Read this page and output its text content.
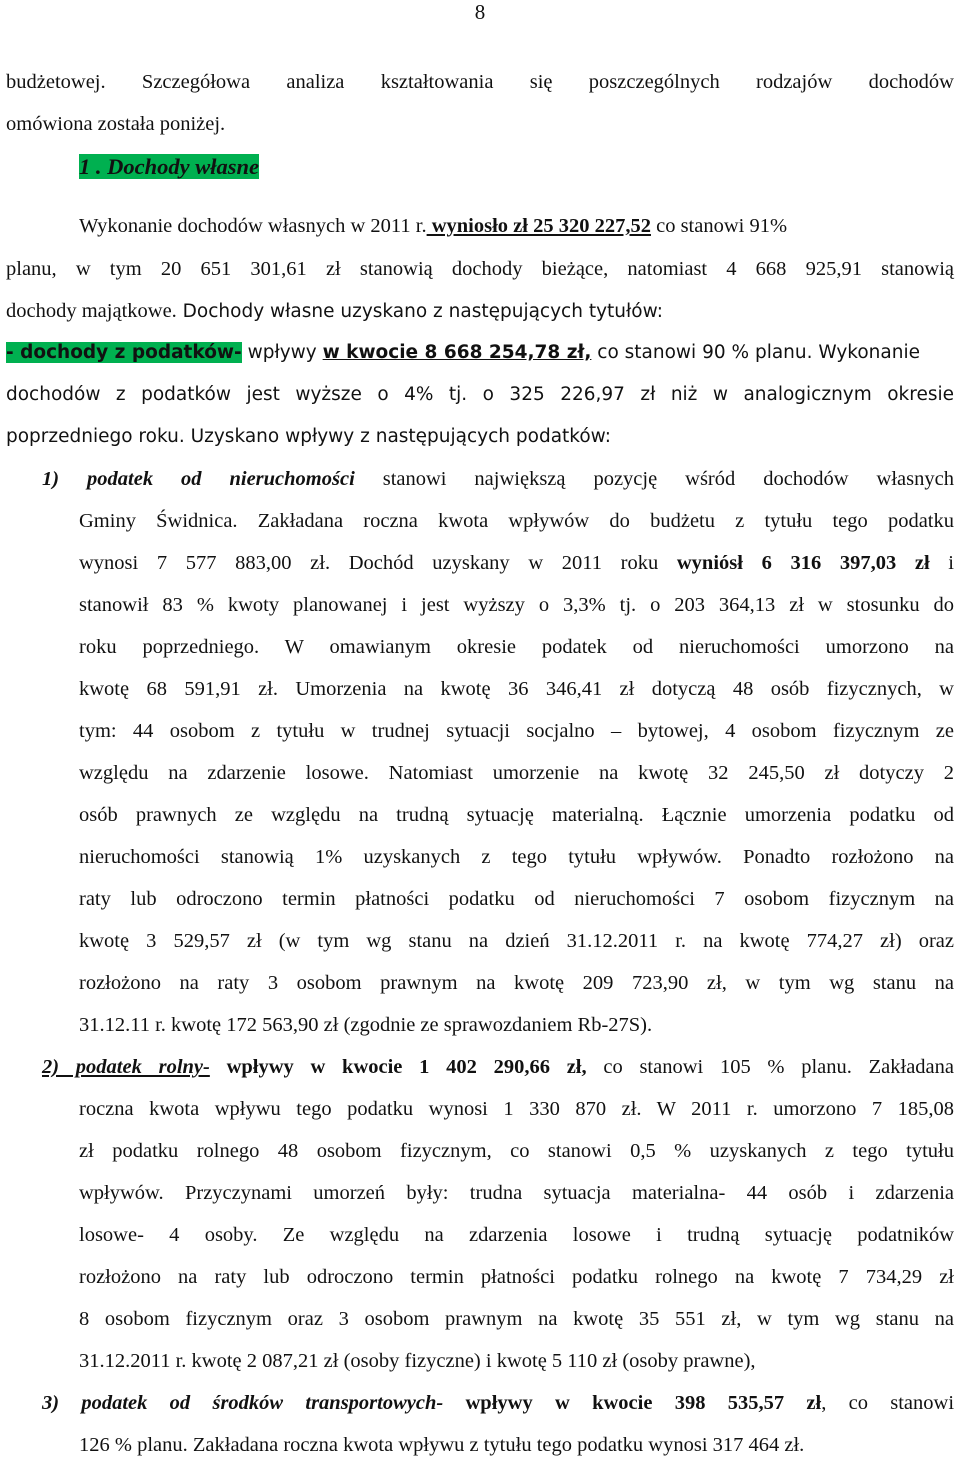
8
budżetowej. Szczegółowa analiza kształtowania się poszczególnych rodzajów dochodów
omówiona została poniżej.
1 . Dochody własne
Wykonanie dochodów własnych w 2011 r. wyniosło zł 25 320 227,52 co stanowi 91%
planu, w tym 20 651 301,61 zł stanowią dochody bieżące, natomiast 4 668 925,91 stanowią
dochody majątkowe. Dochody własne uzyskano z następujących tytułów:
- dochody z podatków- wpływy w kwocie 8 668 254,78 zł, co stanowi 90 % planu. Wykonanie
dochodów z podatków jest wyższe o 4% tj. o 325 226,97 zł niż w analogicznym okresie
poprzedniego roku. Uzyskano wpływy z następujących podatków:
1) podatek od nieruchomości stanowi największą pozycję wśród dochodów własnych
Gminy Świdnica. Zakładana roczna kwota wpływów do budżetu z tytułu tego podatku
wynosi 7 577 883,00 zł. Dochód uzyskany w 2011 roku wyniósł 6 316 397,03 zł i
stanowił 83 % kwoty planowanej i jest wyższy o 3,3% tj. o 203 364,13 zł w stosunku do
roku poprzedniego. W omawianym okresie podatek od nieruchomości umorzono na
kwotę 68 591,91 zł. Umorzenia na kwotę 36 346,41 zł dotyczą 48 osób fizycznych, w
tym: 44 osobom z tytułu w trudnej sytuacji socjalno – bytowej, 4 osobom fizycznym ze
względu na zdarzenie losowe. Natomiast umorzenie na kwotę 32 245,50 zł dotyczy 2
osób prawnych ze względu na trudną sytuację materialną. Łącznie umorzenia podatku od
nieruchomości stanowią 1% uzyskanych z tego tytułu wpływów. Ponadto rozłożono na
raty lub odroczono termin płatności podatku od nieruchomości 7 osobom fizycznym na
kwotę 3 529,57 zł (w tym wg stanu na dzień 31.12.2011 r. na kwotę 774,27 zł) oraz
rozłożono na raty 3 osobom prawnym na kwotę 209 723,90 zł, w tym wg stanu na
31.12.11 r. kwotę 172 563,90 zł (zgodnie ze sprawozdaniem Rb-27S).
2) podatek rolny- wpływy w kwocie 1 402 290,66 zł, co stanowi 105 % planu. Zakładana
roczna kwota wpływu tego podatku wynosi 1 330 870 zł. W 2011 r. umorzono 7 185,08
zł podatku rolnego 48 osobom fizycznym, co stanowi 0,5 % uzyskanych z tego tytułu
wpływów. Przyczynami umorzeń były: trudna sytuacja materialna- 44 osób i zdarzenia
losowe- 4 osoby. Ze względu na zdarzenia losowe i trudną sytuację podatników
rozłożono na raty lub odroczono termin płatności podatku rolnego na kwotę 7 734,29 zł
8 osobom fizycznym oraz 3 osobom prawnym na kwotę 35 551 zł, w tym wg stanu na
31.12.2011 r. kwotę 2 087,21 zł (osoby fizyczne) i kwotę 5 110 zł (osoby prawne),
3) podatek od środków transportowych- wpływy w kwocie 398 535,57 zł, co stanowi
126 % planu. Zakładana roczna kwota wpływu z tytułu tego podatku wynosi 317 464 zł.
